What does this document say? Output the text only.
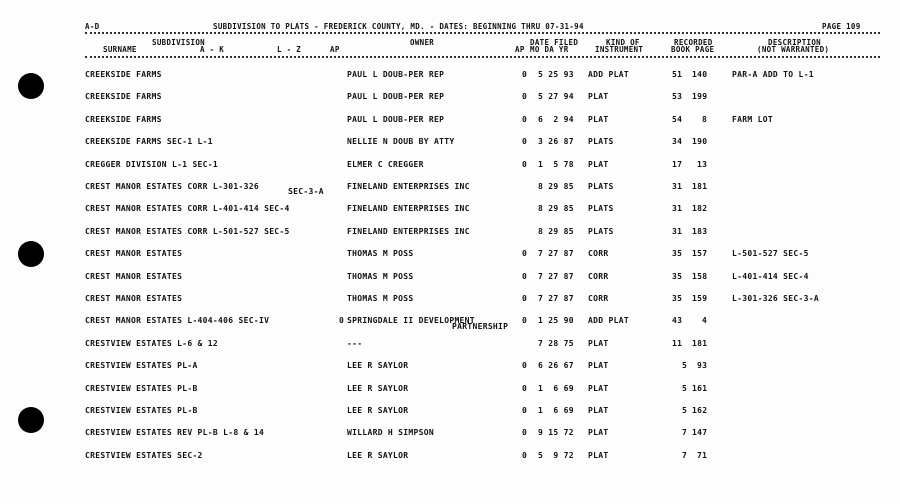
A-D	SUBDIVISION TO PLATS - FREDERICK COUNTY, MD. - DATES: BEGINNING THRU 07-31-94	PAGE 109
SUBDIVISION
SURNAME	A - K	L - Z	AP
OWNER
AP
DATE FILED
MO DA YR
KIND OF
INSTRUMENT
RECORDED
BOOK PAGE
DESCRIPTION
(NOT WARRANTED)
CREEKSIDE FARMS	PAUL L DOUB-PER REP	0 5 25 93 ADD PLAT	51 140	PAR-A ADD TO L-1
CREEKSIDE FARMS	PAUL L DOUB-PER REP	0 5 27 94 PLAT	53 199
CREEKSIDE FARMS	PAUL L DOUB-PER REP	0 6  2 94 PLAT	54 8	FARM LOT
CREEKSIDE FARMS SEC-1 L-1	NELLIE N DOUB BY ATTY	0 3 26 87 PLATS	34 190
CREGGER DIVISION L-1 SEC-1	ELMER C CREGGER	0 1  5 78 PLAT	17 13
CREST MANOR ESTATES CORR L-301-326	FINELAND ENTERPRISES INC	8 29 85 PLATS	31 181
SEC-3-A
CREST MANOR ESTATES CORR L-401-414 SEC-4	FINELAND ENTERPRISES INC	8 29 85 PLATS	31 182
CREST MANOR ESTATES CORR L-501-527 SEC-5	FINELAND ENTERPRISES INC	8 29 85 PLATS	31 183
CREST MANOR ESTATES	THOMAS M POSS	0 7 27 87 CORR	35 157	L-501-527 SEC-5
CREST MANOR ESTATES	THOMAS M POSS	0 7 27 87 CORR	35 158	L-401-414 SEC-4
CREST MANOR ESTATES	THOMAS M POSS	0 7 27 87 CORR	35 159	L-301-326 SEC-3-A
CREST MANOR ESTATES L-404-406 SEC-IV	0 SPRINGDALE II DEVELOPMENT	0 1 25 90 ADD PLAT	43 4
PARTNERSHIP
CRESTVIEW ESTATES L-6 & 12	---	7 28 75 PLAT	11 181
CRESTVIEW ESTATES PL-A	LEE R SAYLOR	0 6 26 67 PLAT	5 93
CRESTVIEW ESTATES PL-B	LEE R SAYLOR	0 1  6 69 PLAT	5 161
CRESTVIEW ESTATES PL-B	LEE R SAYLOR	0 1  6 69 PLAT	5 162
CRESTVIEW ESTATES REV PL-B L-8 & 14	WILLARD H SIMPSON	0 9 15 72 PLAT	7 147
CRESTVIEW ESTATES SEC-2	LEE R SAYLOR	0 5  9 72 PLAT	7 71
